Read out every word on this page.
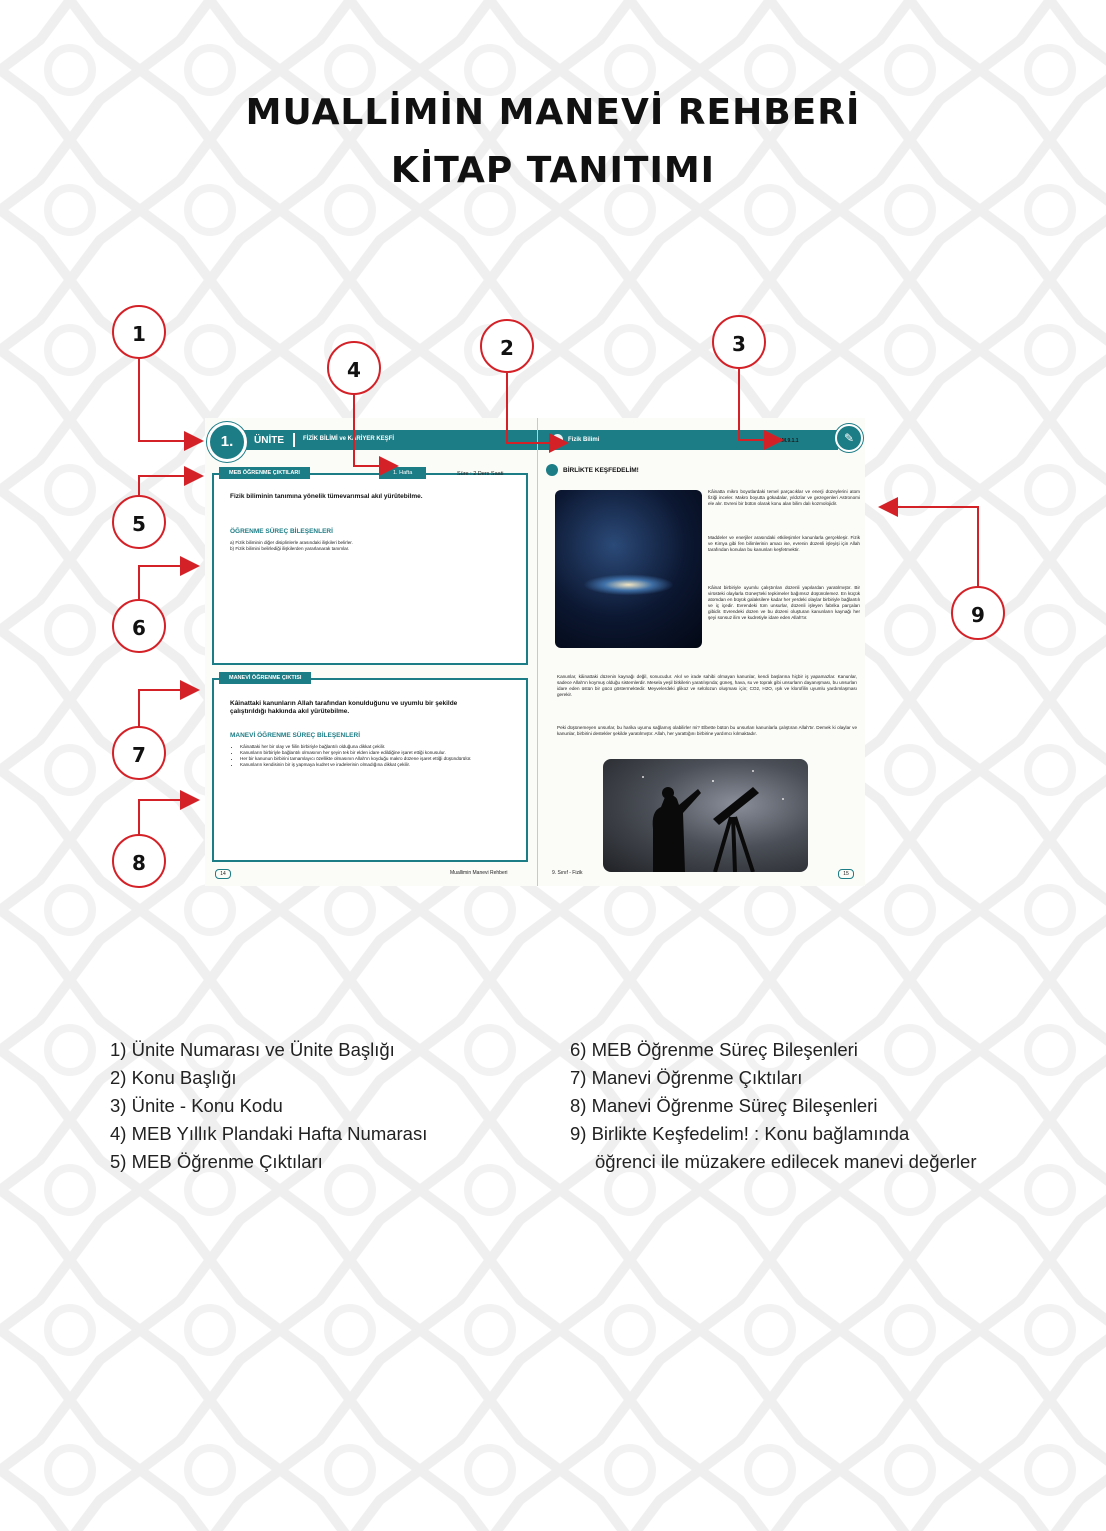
MUALLİMİN MANEVİ REHBERİ
KİTAP TANITIMI
ÜNİTE	FİZİK BİLİMİ ve KARİYER KEŞFİ
1.
MEB ÖĞRENME ÇIKTILARI	1. Hafta	Süre : 2 Ders Saati
Fizik biliminin tanımına yönelik tümevarımsal akıl yürütebilme.
ÖĞRENME SÜREÇ BİLEŞENLERİ
a) Fizik biliminin diğer disiplinlerle arasındaki ilişkileri belirler.
b) Fizik bilimini belirlediği ilişkilerden yararlanarak tanımlar.
MANEVİ ÖĞRENME ÇIKTISI
Kâinattaki kanunların Allah tarafından konulduğunu ve uyumlu bir şekilde
çalıştırıldığı hakkında akıl yürütebilme.
MANEVİ ÖĞRENME SÜREÇ BİLEŞENLERİ
• Kâinattaki her bir olay ve fiilin birbiriyle bağlantılı olduğuna dikkat çekilir.
• Kanunların birbiriyle bağlantılı olmasının her şeyin tek bir elden idare edildiğine işaret ettiği konusulur.
• Her bir kanunun birbirini tamamlayıcı özellikte olmasının Allah'ın koyduğu makro düzene işaret ettiği düşündürülür.
• Kanunların kendisinin bir iş yapmaya kudret ve iradelerinin olmadığına dikkat çekilir.
14	Muallimin Manevi Rehberi
Fizik Bilimi	F.M.9.1.1	✎
BİRLİKTE KEŞFEDELİM!
Kâinatta mikro boyutlardaki temel parçacıklar ve enerji düzeylerini atom fiziği inceler. Makro boyutta gökadalar, yıldızlar ve gezegenleri Astronomi ele alır. Evreni bir bütün olarak konu alan bilim dalı kozmolojidir.
Maddeler ve enerjiler arasındaki etkileşimler kanunlarla gerçekleşir. Fizik ve Kimya gibi fen bilimlerinin amacı ise, evrenin düzenli işleyişi için Allah tarafından konulan bu kanunları keşfetmektir.
Kâinat birbiriyle uyumlu çalıştırılan düzenli yapılardan yaratılmıştır. Bir virüsteki olaylarla Güneş'teki tepkimeler bağımsız düşünülemez. En küçük atomdan en büyük galaksilere kadar her yerdeki olaylar birbiriyle bağlantılı ve iç içedir. Evrendeki tüm unsurlar, düzenli işleyen fabrika parçaları gibidir. Evrendeki düzen ve bu düzeni oluşturan kanunların kaynağı her şeyi sonsuz ilim ve kudretiyle idare eden Allah'tır.
Kanunlar, kâinattaki düzenin kaynağı değil, sonucudur. Akıl ve irade sahibi olmayan kanunlar, kendi başlarına hiçbir iş yapamazlar. Kanunlar, sadece Allah'ın koymuş olduğu sistemlerdir. Mesela yeşil bitkilerin yaratılışında; güneş, hava, su ve toprak gibi unsurların dayanışması, bu unsurları idare eden üstün bir gücü göstermektedir. Meyvelerdeki glikoz ve selülozun oluşması için; CO2, H2O, ışık ve klorofilin uyumlu yardımlaşması gerekir.
Peki düşünemeyen unsurlar, bu harika uyumu sağlamış olabilirler mi? Elbette bütün bu unsurları kanunlarla çalıştıran Allah'tır. Demek ki olaylar ve kanunlar, birbirini destekler şekilde yaratılmıştır. Allah, her yarattığını birbirine yardımcı kılmaktadır.
9. Sınıf - Fizik	15
1
2	3
4
5
6
7
8
9
1) Ünite Numarası ve Ünite Başlığı
2) Konu Başlığı
3) Ünite - Konu Kodu
4) MEB Yıllık Plandaki Hafta Numarası
5) MEB Öğrenme Çıktıları
6) MEB Öğrenme Süreç Bileşenleri
7) Manevi Öğrenme Çıktıları
8) Manevi Öğrenme Süreç Bileşenleri
9) Birlikte Keşfedelim! : Konu bağlamında
öğrenci ile müzakere edilecek manevi değerler
